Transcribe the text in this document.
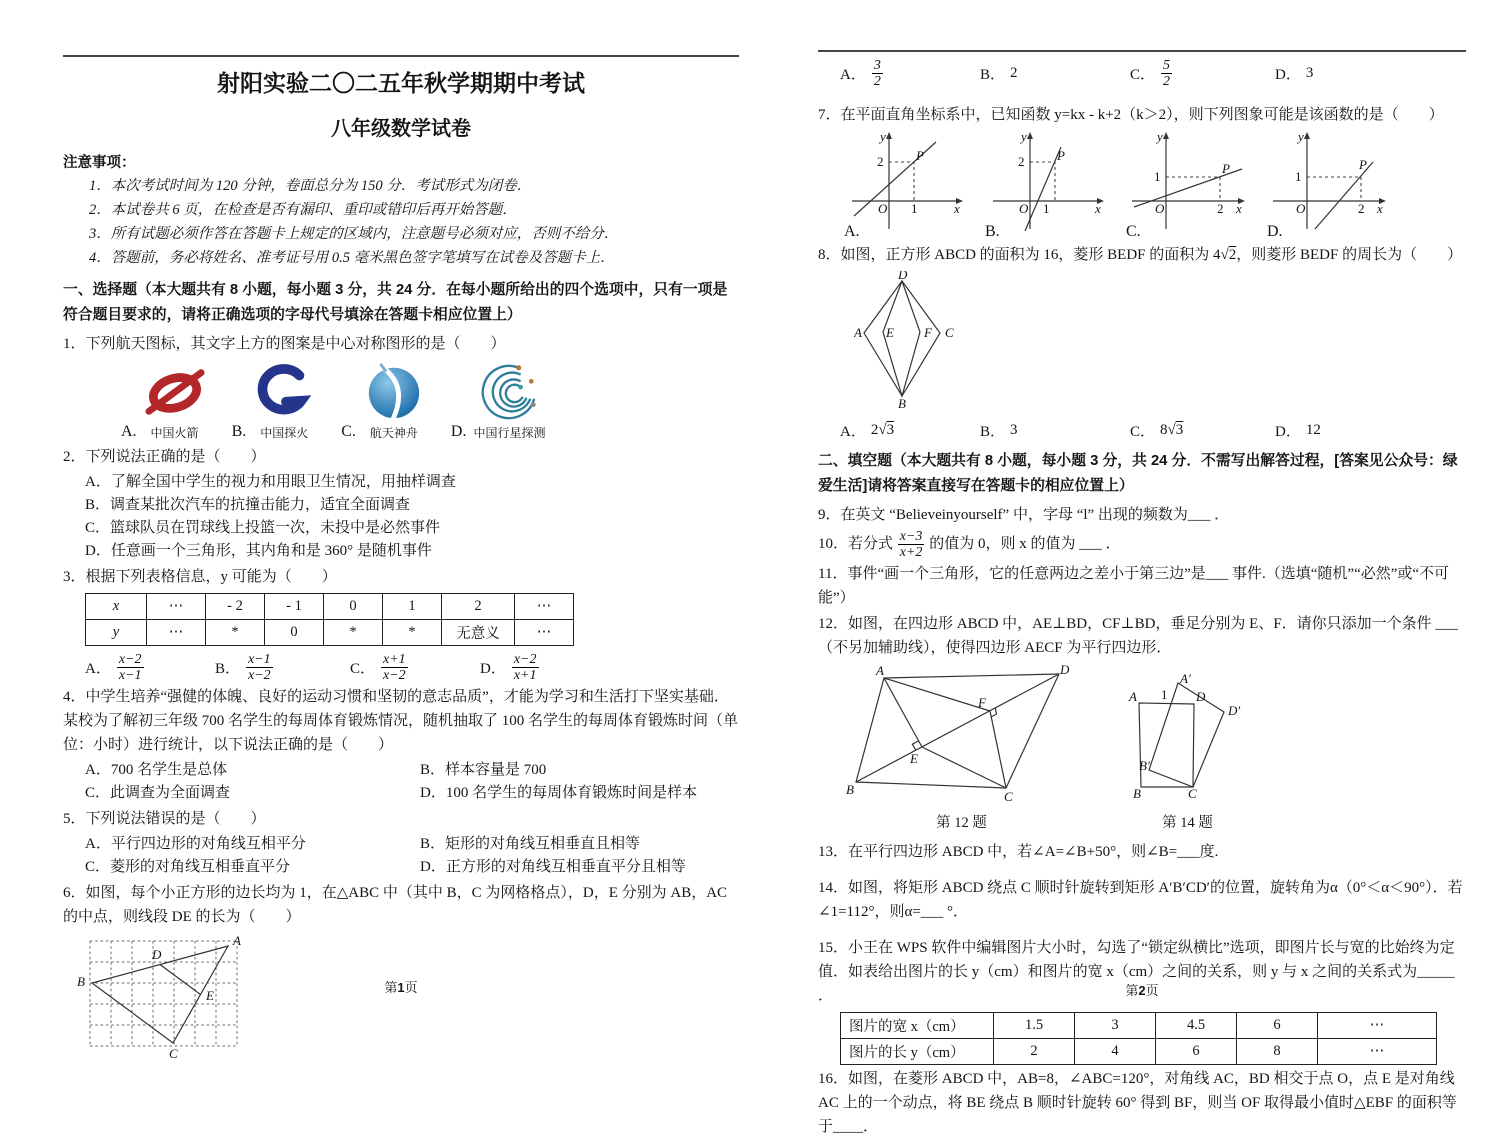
射阳实验二〇二五年秋学期期中考试
八年级数学试卷
注意事项：
1．本次考试时间为 120 分钟，卷面总分为 150 分．考试形式为闭卷．
2．本试卷共 6 页，在检查是否有漏印、重印或错印后再开始答题．
3．所有试题必须作答在答题卡上规定的区域内，注意题号必须对应，否则不给分．
4．答题前，务必将姓名、准考证号用 0.5 毫米黑色签字笔填写在试卷及答题卡上．
一、选择题（本大题共有 8 小题，每小题 3 分，共 24 分．在每小题所给出的四个选项中，只有一项是符合题目要求的，请将正确选项的字母代号填涂在答题卡相应位置上）
1．下列航天图标，其文字上方的图案是中心对称图形的是（　　）
A. 中国火箭 B. 中国探火 C. 航天神舟 D. 中国行星探测
2．下列说法正确的是（　　）
A．了解全国中学生的视力和用眼卫生情况，用抽样调查
B．调查某批次汽车的抗撞击能力，适宜全面调查
C．篮球队员在罚球线上投篮一次，未投中是必然事件
D．任意画一个三角形，其内角和是 360° 是随机事件
3．根据下列表格信息，y 可能为（　　）
x	⋯	- 2	- 1	0	1	2	⋯
y	⋯	*	0	*	*	无意义	⋯
A． $\frac{x-2}{x-1}$	B． $\frac{x-1}{x-2}$	C． $\frac{x+1}{x-2}$	D． $\frac{x-2}{x+1}$
4．中学生培养“强健的体魄、良好的运动习惯和坚韧的意志品质”，才能为学习和生活打下坚实基础．某校为了解初三年级 700 名学生的每周体育锻炼情况，随机抽取了 100 名学生的每周体育锻炼时间（单位：小时）进行统计，以下说法正确的是（　　）
A．700 名学生是总体	B．样本容量是 700
C．此调查为全面调查	D．100 名学生的每周体育锻炼时间是样本
5．下列说法错误的是（　　）
A．平行四边形的对角线互相平分	B．矩形的对角线互相垂直且相等
C．菱形的对角线互相垂直平分	D．正方形的对角线互相垂直平分且相等
6．如图，每个小正方形的边长均为 1，在△ABC 中（其中 B，C 为网格格点），D，E 分别为 AB，AC 的中点，则线段 DE 的长为（　　）
A
B
C
D
E
第1页
A． $\frac{3}{2}$	B． 2	C． $\frac{5}{2}$	D． 3
7．在平面直角坐标系中，已知函数 y=kx - k+2（k＞2），则下列图象可能是该函数的是（　　）
y
x
O
P
2
1
A.
y
x
O
P
2
1
B.
y
x
O
P
1
2
C.
y
x
O
P
1
2
D.
8．如图，正方形 ABCD 的面积为 16，菱形 BEDF 的面积为 4√2，则菱形 BEDF 的周长为（　　）
D
A E F C
B
A． 2√3	B． 3	C． 8√3	D． 12
二、填空题（本大题共有 8 小题，每小题 3 分，共 24 分．不需写出解答过程，[答案见公众号：绿爱生活]请将答案直接写在答题卡的相应位置上）
9．在英文 “Believeinyourself” 中，字母 “l” 出现的频数为___ ．
10．若分式 $\frac{x-3}{x+2}$ 的值为 0，则 x 的值为 ___ ．
11．事件“画一个三角形，它的任意两边之差小于第三边”是___ 事件.（选填“随机”“必然”或“不可能”）
12．如图，在四边形 ABCD 中，AE⊥BD，CF⊥BD，垂足分别为 E、F．请你只添加一个条件 ___（不另加辅助线），使得四边形 AECF 为平行四边形．
A	D
F
E
B	C
第 12 题
A	D
A′
D′
B′
B	C
1
第 14 题
13．在平行四边形 ABCD 中，若∠A=∠B+50°，则∠B=___度.
14．如图，将矩形 ABCD 绕点 C 顺时针旋转到矩形 A′B′CD′的位置，旋转角为α（0°＜α＜90°）．若∠1=112°，则α=___ °．
15．小王在 WPS 软件中编辑图片大小时，勾选了“锁定纵横比”选项，即图片长与宽的比始终为定值．如表给出图片的长 y（cm）和图片的宽 x（cm）之间的关系，则 y 与 x 之间的关系式为_____ ．
图片的宽 x（cm）	1.5	3	4.5	6	⋯
图片的长 y（cm）	2	4	6	8	⋯
16．如图，在菱形 ABCD 中，AB=8，∠ABC=120°，对角线 AC，BD 相交于点 O，点 E 是对角线 AC 上的一个动点，将 BE 绕点 B 顺时针旋转 60° 得到 BF，则当 OF 取得最小值时△EBF 的面积等于____．
第2页
